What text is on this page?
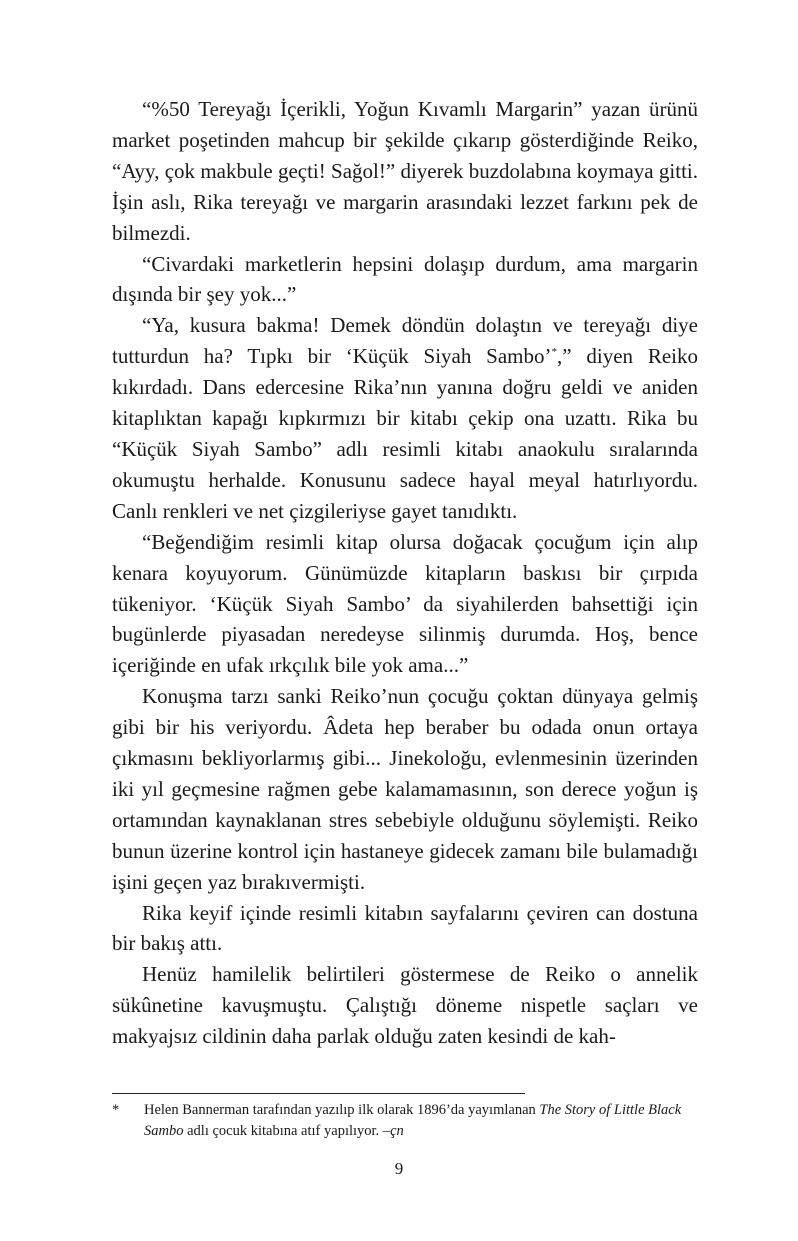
“%50 Tereyağı İçerikli, Yoğun Kıvamlı Margarin” yazan ürünü market poşetinden mahcup bir şekilde çıkarıp gösterdiğinde Reiko, “Ayy, çok makbule geçti! Sağol!” diyerek buzdolabına koymaya gitti. İşin aslı, Rika tereyağı ve margarin arasındaki lezzet farkını pek de bilmezdi.

“Civardaki marketlerin hepsini dolaşıp durdum, ama margarin dışında bir şey yok...”

“Ya, kusura bakma! Demek döndün dolaştın ve tereyağı diye tutturdun ha? Tıpkı bir ‘Küçük Siyah Sambo’*,” diyen Reiko kıkırdadı. Dans edercesine Rika’nın yanına doğru geldi ve aniden kitaplıktan kapağı kıpkırmızı bir kitabı çekip ona uzattı. Rika bu “Küçük Siyah Sambo” adlı resimli kitabı anaokulu sıralarında okumuştu herhalde. Konusunu sadece hayal meyal hatırlıyordu. Canlı renkleri ve net çizgileriyse gayet tanıdıktı.

“Beğendiğim resimli kitap olursa doğacak çocuğum için alıp kenara koyuyorum. Günümüzde kitapların baskısı bir çırpıda tükeniyor. ‘Küçük Siyah Sambo’ da siyahilerden bahsettiği için bugünlerde piyasadan neredeyse silinmiş durumda. Hoş, bence içeriğinde en ufak ırkçılık bile yok ama...”

Konuşma tarzı sanki Reiko’nun çocuğu çoktan dünyaya gelmiş gibi bir his veriyordu. Âdeta hep beraber bu odada onun ortaya çıkmasını bekliyorlarmış gibi... Jinekoloğu, evlenmesinin üzerinden iki yıl geçmesine rağmen gebe kalamamasının, son derece yoğun iş ortamından kaynaklanan stres sebebiyle olduğunu söylemişti. Reiko bunun üzerine kontrol için hastaneye gidecek zamanı bile bulamadığı işini geçen yaz bırakıvermişti.

Rika keyif içinde resimli kitabın sayfalarını çeviren can dostuna bir bakış attı.

Henüz hamilelik belirtileri göstermese de Reiko o annelik sükûnetine kavuşmuştu. Çalıştığı döneme nispetle saçları ve makyajsız cildinin daha parlak olduğu zaten kesindi de kah-

*	Helen Bannerman tarafından yazılıp ilk olarak 1896’da yayımlanan The Story of Little Black Sambo adlı çocuk kitabına atıf yapılıyor. –çn

9
